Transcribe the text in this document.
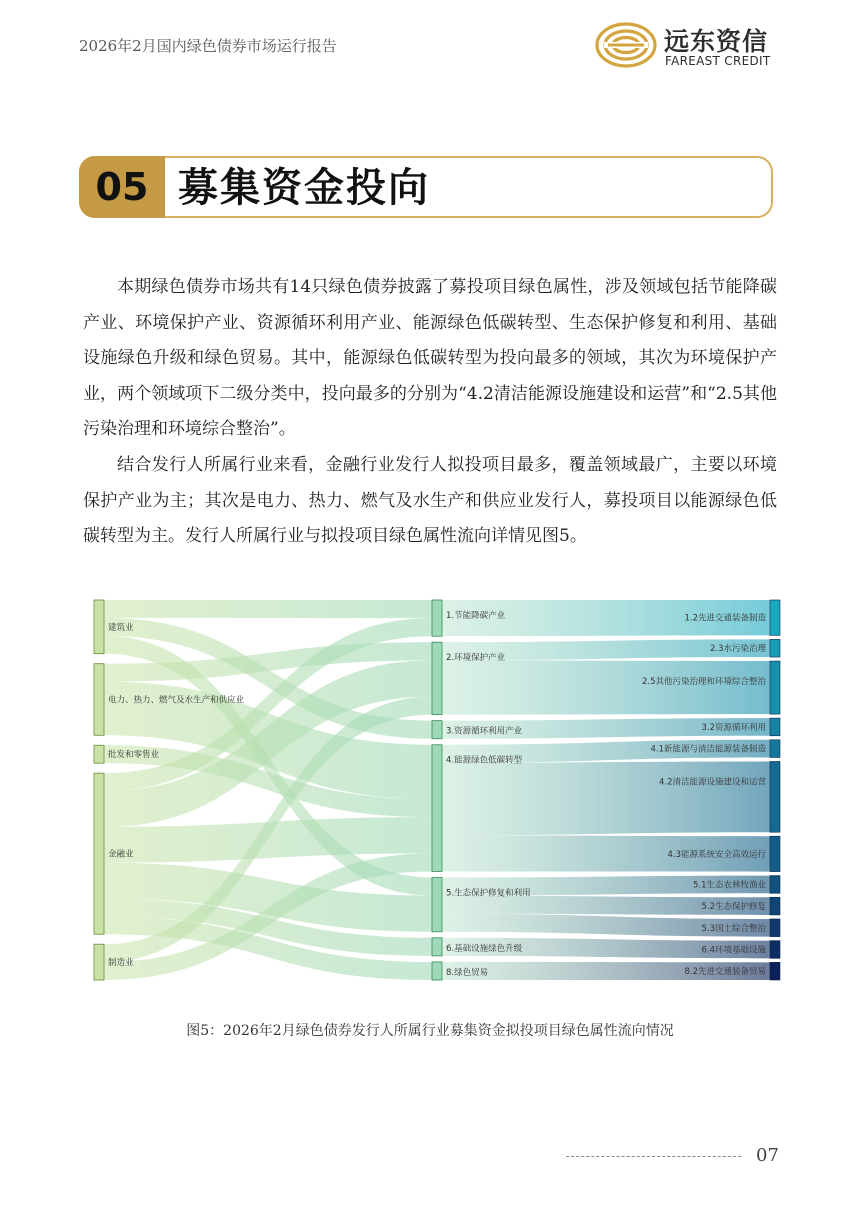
2026年2月国内绿色债券市场运行报告	远东资信
FAREAST CREDIT
05 募集资金投向

本期绿色债券市场共有14只绿色债券披露了募投项目绿色属性，涉及领域包括节能降碳产业、环境保护产业、资源循环利用产业、能源绿色低碳转型、生态保护修复和利用、基础设施绿色升级和绿色贸易。其中，能源绿色低碳转型为投向最多的领域，其次为环境保护产业，两个领域项下二级分类中，投向最多的分别为“4.2清洁能源设施建设和运营”和“2.5其他污染治理和环境综合整治”。

结合发行人所属行业来看，金融行业发行人拟投项目最多，覆盖领域最广，主要以环境保护产业为主；其次是电力、热力、燃气及水生产和供应业发行人，募投项目以能源绿色低碳转型为主。发行人所属行业与拟投项目绿色属性流向详情见图5。

建筑业
电力、热力、燃气及水生产和供应业
批发和零售业
金融业
制造业
1.节能降碳产业
2.环境保护产业
3.资源循环利用产业
4.能源绿色低碳转型
5.生态保护修复和利用
6.基础设施绿色升级
8.绿色贸易
1.2先进交通装备制造
2.3水污染治理
2.5其他污染治理和环境综合整治
3.2资源循环利用
4.1新能源与清洁能源装备制造
4.2清洁能源设施建设和运营
4.3能源系统安全高效运行
5.1生态农林牧渔业
5.2生态保护修复
5.3国土综合整治
6.4环境基础设施
8.2先进交通装备贸易
图5：2026年2月绿色债券发行人所属行业募集资金拟投项目绿色属性流向情况
07
